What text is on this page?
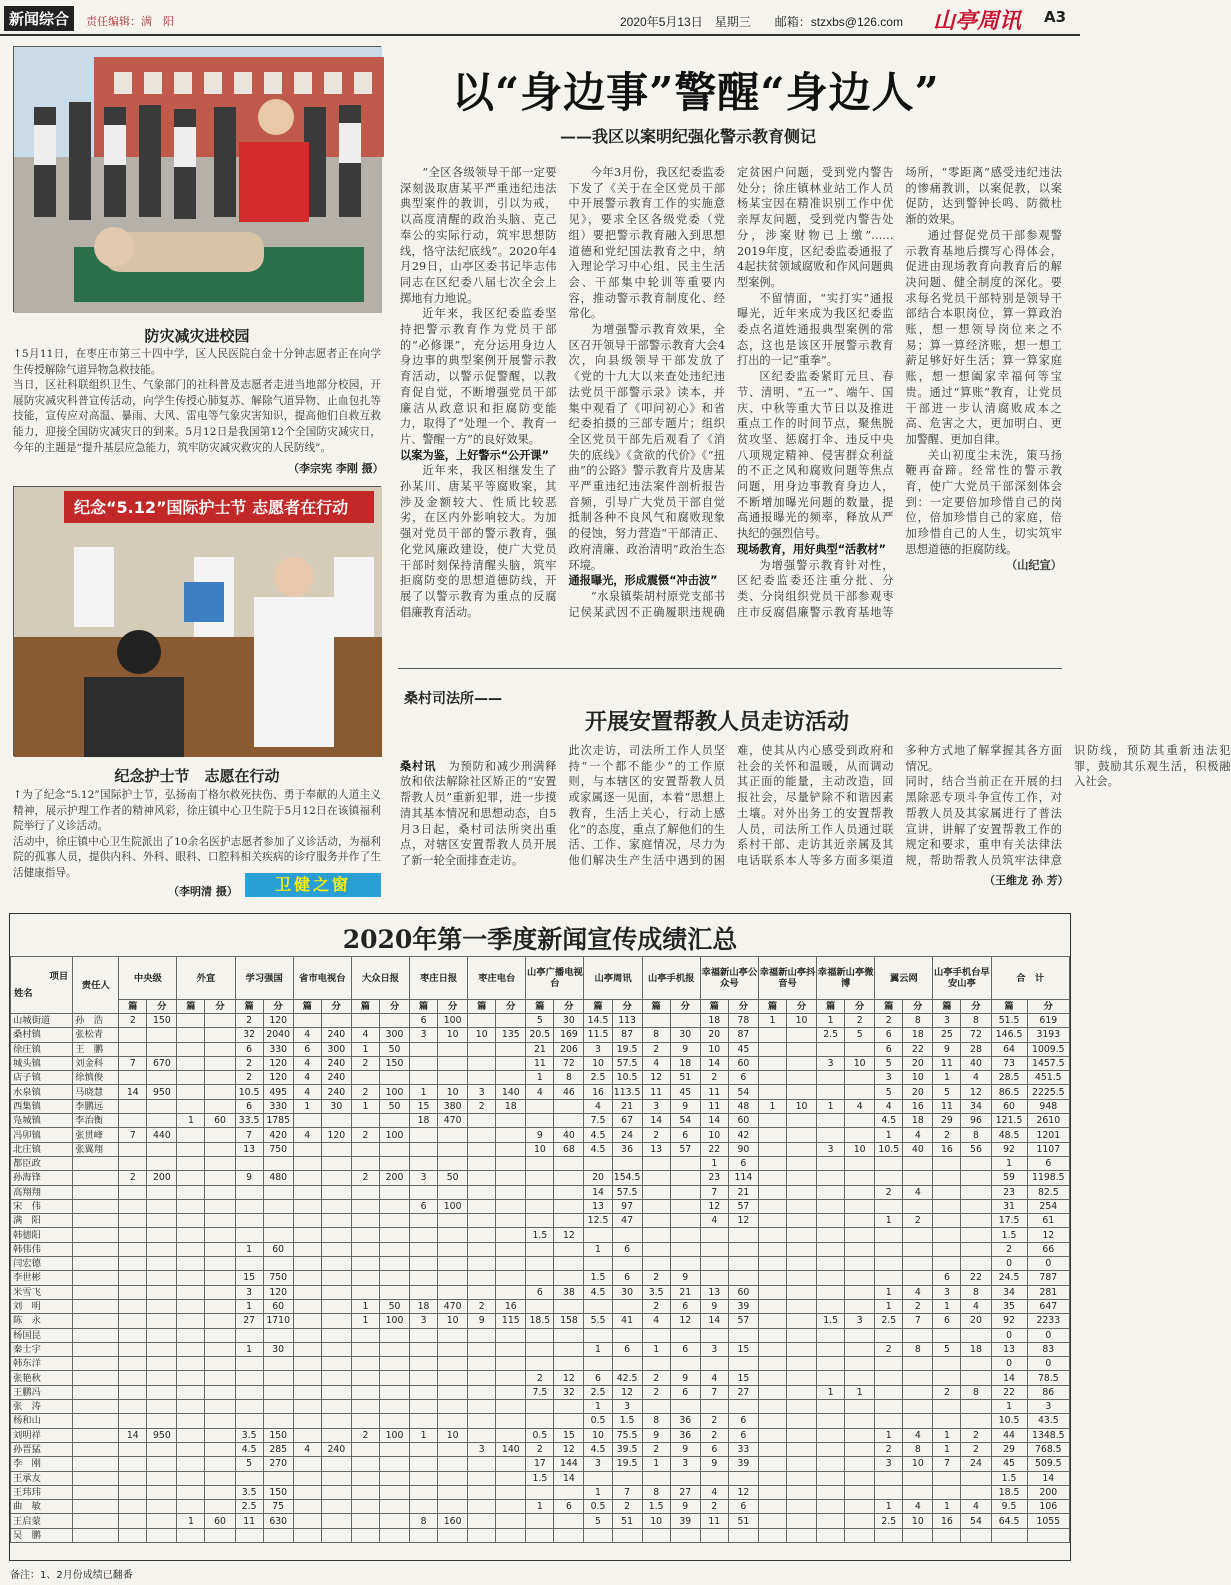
新闻综合	责任编辑：满　阳	2020年5月13日　 星期三　　 邮箱：stzxbs@126.com 山亭周讯 A3
防灾减灾进校园
↑5月11日，在枣庄市第三十四中学，区人民医院白金十分钟志愿者正在向学生传授解除气道异物急救技能。
当日，区社科联组织卫生、气象部门的社科普及志愿者走进当地部分校园，开展防灾减灾科普宣传活动，向学生传授心肺复苏、解除气道异物、止血包扎等技能，宣传应对高温、暴雨、大风、雷电等气象灾害知识，提高他们自救互救能力，迎接全国防灾减灾日的到来。5月12日是我国第12个全国防灾减灾日，今年的主题是“提升基层应急能力，筑牢防灾减灾救灾的人民防线”。
（李宗宪 李刚 摄）
纪念“5.12”国际护士节 志愿者在行动
纪念护士节　志愿在行动
↑为了纪念“5.12”国际护士节，弘扬南丁格尔救死扶伤、勇于奉献的人道主义精神，展示护理工作者的精神风彩，徐庄镇中心卫生院于5月12日在该镇福利院举行了义诊活动。
活动中，徐庄镇中心卫生院派出了10余名医护志愿者参加了义诊活动，为福利院的孤寡人员，提供内科、外科、眼科、口腔科相关疾病的诊疗服务并作了生活健康指导。
（李明清 摄）	卫健之窗
以“身边事”警醒“身边人”
——我区以案明纪强化警示教育侧记

“全区各级领导干部一定要深刻汲取唐某平严重违纪违法典型案件的教训，引以为戒，以高度清醒的政治头脑、克己奉公的实际行动，筑牢思想防线，恪守法纪底线”。2020年4月29日，山亭区委书记毕志伟同志在区纪委八届七次全会上掷地有力地说。

近年来，我区纪委监委坚持把警示教育作为党员干部的“必修课”，充分运用身边人身边事的典型案例开展警示教育活动，以警示促警醒，以教育促自觉，不断增强党员干部廉洁从政意识和拒腐防变能力，取得了“处理一个、教育一片、警醒一方”的良好效果。

以案为鉴，上好警示“公开课”

近年来，我区相继发生了孙某川、唐某平等腐败案，其涉及金额较大、性质比较恶劣，在区内外影响较大。为加强对党员干部的警示教育，强化党风廉政建设，使广大党员干部时刻保持清醒头脑，筑牢拒腐防变的思想道德防线，开展了以警示教育为重点的反腐倡廉教育活动。

今年3月份，我区纪委监委下发了《关于在全区党员干部中开展警示教育工作的实施意见》，要求全区各级党委（党组）要把警示教育融入到思想道德和党纪国法教育之中，纳入理论学习中心组、民主生活会、干部集中轮训等重要内容，推动警示教育制度化、经常化。

为增强警示教育效果，全区召开领导干部警示教育大会4次，向县级领导干部发放了《党的十九大以来查处违纪违法党员干部警示录》读本，并集中观看了《叩问初心》和省纪委拍摄的三部专题片；组织全区党员干部先后观看了《消失的底线》《贪欲的代价》《“扭曲”的公路》警示教育片及唐某平严重违纪违法案件剖析报告音频，引导广大党员干部自觉抵制各种不良风气和腐败现象的侵蚀，努力营造“干部清正、政府清廉、政治清明”政治生态环境。

通报曝光，形成震慑“冲击波”

“水泉镇柴胡村原党支部书记侯某武因不正确履职违规确定贫困户问题，受到党内警告处分；徐庄镇林业站工作人员杨某宝因在精准识别工作中优亲厚友问题，受到党内警告处分，涉案财物已上缴”……2019年度，区纪委监委通报了4起扶贫领域腐败和作风问题典型案例。

不留情面，“实打实”通报曝光，近年来成为我区纪委监委点名道姓通报典型案例的常态，这也是该区开展警示教育打出的一记“重拳”。

区纪委监委紧盯元旦、春节、清明、“五一”、端午、国庆、中秋等重大节日以及推进重点工作的时间节点，聚焦脱贫攻坚、惩腐打伞、违反中央八项规定精神、侵害群众利益的不正之风和腐败问题等焦点问题，用身边事教育身边人，不断增加曝光问题的数量，提高通报曝光的频率，释放从严执纪的强烈信号。

现场教育，用好典型“活教材”

为增强警示教育针对性，区纪委监委还注重分批、分类、分岗组织党员干部参观枣庄市反腐倡廉警示教育基地等场所，“零距离”感受违纪违法的惨痛教训，以案促教，以案促防，达到警钟长鸣、防微杜渐的效果。

通过督促党员干部参观警示教育基地后撰写心得体会，促进由现场教育向教育后的解决问题、健全制度的深化。要求每名党员干部特别是领导干部结合本职岗位，算一算政治账，想一想领导岗位来之不易；算一算经济账，想一想工薪足够好好生活；算一算家庭账，想一想阖家幸福何等宝贵。通过“算账”教育，让党员干部进一步认清腐败成本之高、危害之大，更加明白、更加警醒、更加自律。

关山初度尘未洗，策马扬鞭再奋蹄。经常性的警示教育，使广大党员干部深刻体会到：一定要倍加珍惜自己的岗位，倍加珍惜自己的家庭，倍加珍惜自己的人生，切实筑牢思想道德的拒腐防线。

（山纪宣）
桑村司法所——
开展安置帮教人员走访活动

桑村讯　 为预防和减少刑满释放和依法解除社区矫正的“安置帮教人员”重新犯罪，进一步摸清其基本情况和思想动态，自5月3日起，桑村司法所突出重点，对辖区安置帮教人员开展了新一轮全面排查走访。
此次走访，司法所工作人员坚持“一个都不能少”的工作原则，与本辖区的安置帮教人员或家属逐一见面，本着“思想上教育，生活上关心，行动上感化”的态度，重点了解他们的生活、工作、家庭情况，尽力为他们解决生产生活中遇到的困难，使其从内心感受到政府和社会的关怀和温暖，从而调动其正面的能量，主动改造，回报社会，尽量铲除不和谐因素土壤。对外出务工的安置帮教人员，司法所工作人员通过联系村干部、走访其近亲属及其电话联系本人等多方面多渠道多种方式地了解掌握其各方面情况。
同时，结合当前正在开展的扫黑除恶专项斗争宣传工作，对帮教人员及其家属进行了普法宣讲，讲解了安置帮教工作的规定和要求，重申有关法律法规，帮助帮教人员筑牢法律意识防线，预防其重新违法犯罪，鼓励其乐观生活，积极融入社会。

（王维龙 孙 芳）
2020年第一季度新闻宣传成绩汇总
项目
姓名	责任人	中央级		外宣		学习强国		省市电视台		大众日报		枣庄日报		枣庄电台		山亭广播电视台		山亭周讯		山亭手机报		幸福新山亭公众号		幸福新山亭抖音号		幸福新山亭微博		翼云网		山亭手机台早安山亭		合　计	
		篇	分	篇	分	篇	分	篇	分	篇	分	篇	分	篇	分	篇	分	篇	分	篇	分	篇	分	篇	分	篇	分	篇	分	篇	分	篇	分
山城街道	孙　浩	2	150			2	120					6	100			5	30	14.5	113			18	78	1	10	1	2	2	8	3	8	51.5	619
桑村镇	张松青					32	2040	4	240	4	300	3	10	10	135	20.5	169	11.5	87	8	30	20	87			2.5	5	6	18	25	72	146.5	3193
徐庄镇	王　鹏					6	330	6	300	1	50					21	206	3	19.5	2	9	10	45					6	22	9	28	64	1009.5
城头镇	刘金科	7	670			2	120	4	240	2	150					11	72	10	57.5	4	18	14	60			3	10	5	20	11	40	73	1457.5
店子镇	徐慎俊					2	120	4	240							1	8	2.5	10.5	12	51	2	6					3	10	1	4	28.5	451.5
水泉镇	马晓慧	14	950			10.5	495	4	240	2	100	1	10	3	140	4	46	16	113.5	11	45	11	54					5	20	5	12	86.5	2225.5
西集镇	李鹏远					6	330	1	30	1	50	15	380	2	18			4	21	3	9	11	48	1	10	1	4	4	16	11	34	60	948
凫城镇	李治衡			1	60	33.5	1785					18	470					7.5	67	14	54	14	60					4.5	18	29	96	121.5	2610
冯卯镇	张贯峰	7	440			7	420	4	120	2	100					9	40	4.5	24	2	6	10	42					1	4	2	8	48.5	1201
北庄镇	张翼翔					13	750									10	68	4.5	36	13	57	22	90			3	10	10.5	40	16	56	92	1107
都臣政																						1	6									1	6
孙海锋		2	200			9	480			2	200	3	50					20	154.5			23	114									59	1198.5
高翔翔																		14	57.5			7	21					2	4			23	82.5
宋　伟												6	100					13	97			12	57									31	254
满　阳																		12.5	47			4	12					1	2			17.5	61
韩德阳																1.5	12															1.5	12
韩伟伟						1	60											1	6													2	66
闫宏德																																0	0
李世彬						15	750											1.5	6	2	9									6	22	24.5	787
米雪飞						3	120									6	38	4.5	30	3.5	21	13	60					1	4	3	8	34	281
刘　明						1	60			1	50	18	470	2	16					2	6	9	39					1	2	1	4	35	647
陈　永						27	1710			1	100	3	10	9	115	18.5	158	5.5	41	4	12	14	57			1.5	3	2.5	7	6	20	92	2233
杨国昆																																0	0
秦士宇						1	30											1	6	1	6	3	15					2	8	5	18	13	83
韩东洋																																0	0
张艳秋																2	12	6	42.5	2	9	4	15									14	78.5
王鹏冯																7.5	32	2.5	12	2	6	7	27			1	1			2	8	22	86
张　涛																		1	3													1	3
杨和山																		0.5	1.5	8	36	2	6									10.5	43.5
刘明祥		14	950			3.5	150			2	100	1	10			0.5	15	10	75.5	9	36	2	6					1	4	1	2	44	1348.5
孙晋猛						4.5	285	4	240					3	140	2	12	4.5	39.5	2	9	6	33					2	8	1	2	29	768.5
李　刚						5	270									17	144	3	19.5	1	3	9	39					3	10	7	24	45	509.5
王承友																1.5	14															1.5	14
王玮玮						3.5	150											1	7	8	27	4	12									18.5	200
曲　敏						2.5	75									1	6	0.5	2	1.5	9	2	6					1	4	1	4	9.5	106
王启蒙				1	60	11	630					8	160					5	51	10	39	11	51					2.5	10	16	54	64.5	1055
吴　鹏																																	
备注：1、2月份成绩已翻番
